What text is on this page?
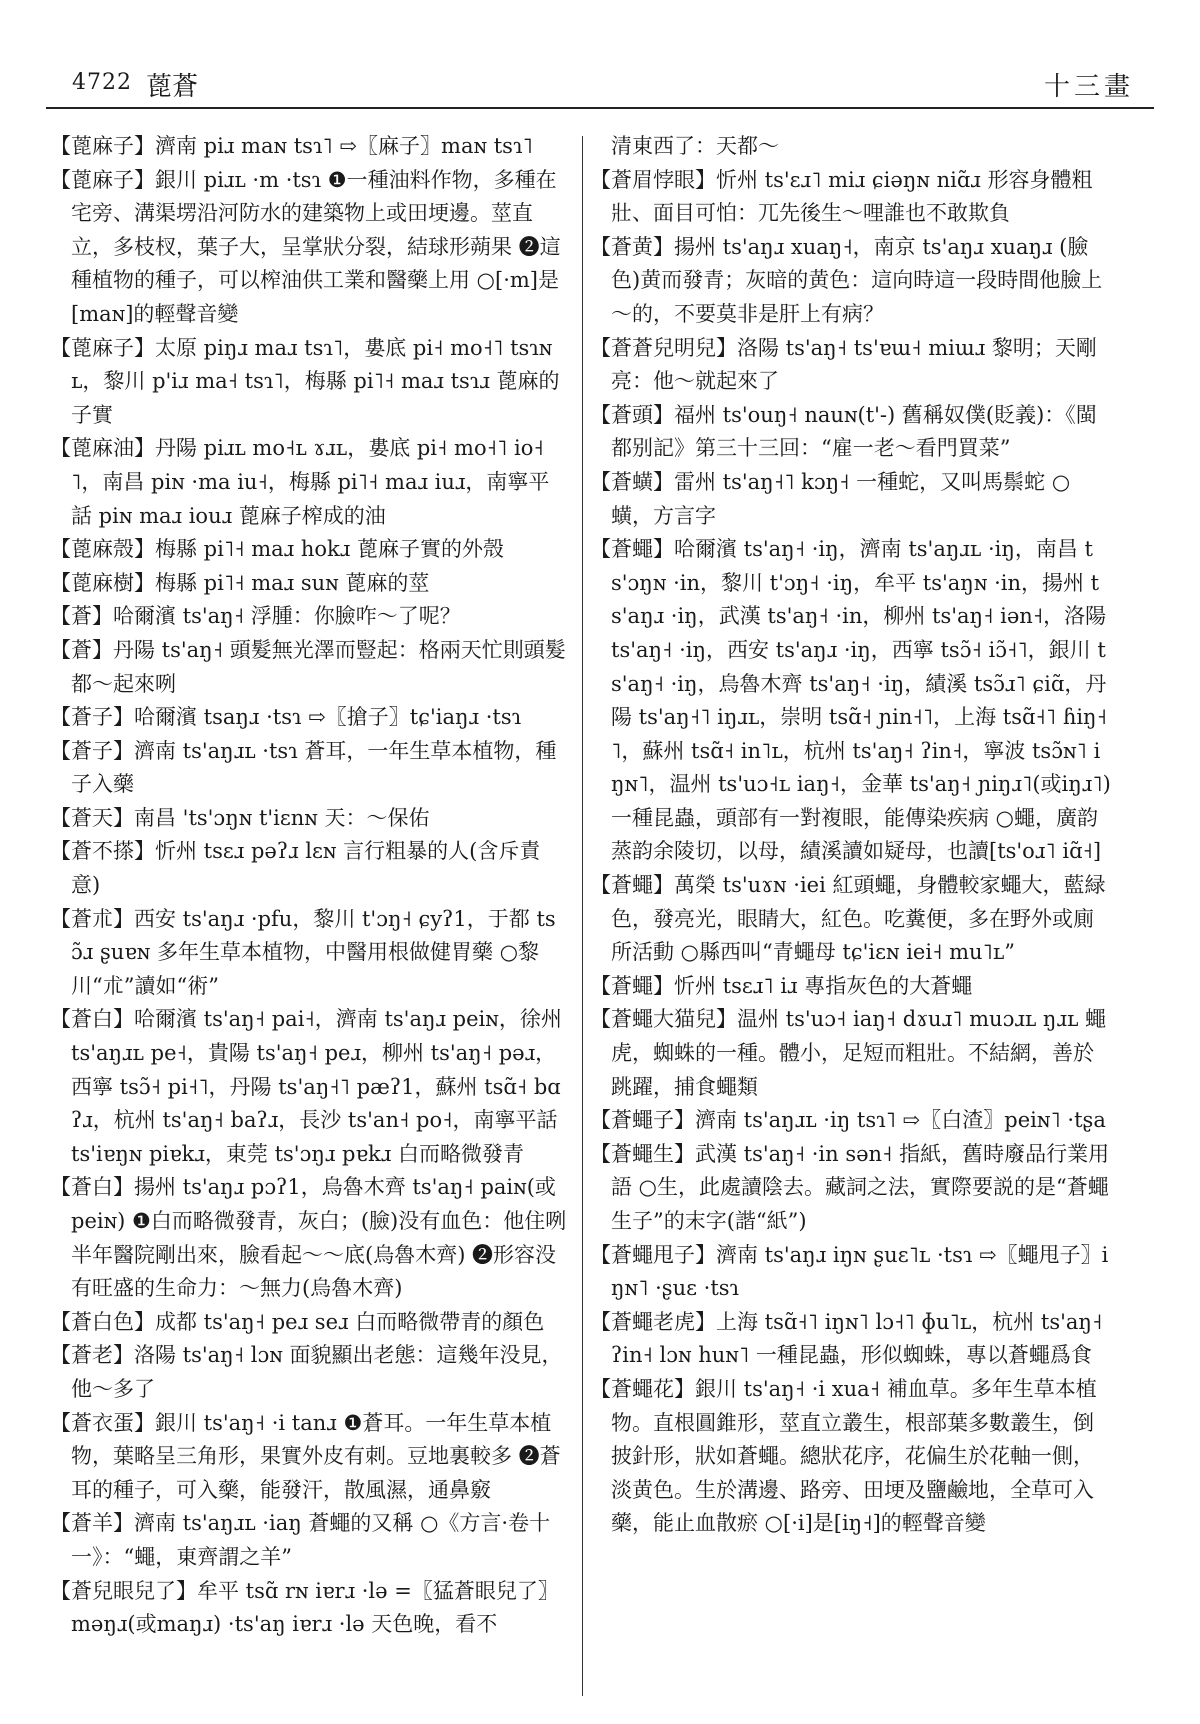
4722 蓖蒼	十三畫

【蓖麻子】濟南 piɹ maɴ tsɿ˥ ⇨〖麻子〗maɴ tsɿ˥

【蓖麻子】銀川 piɹʟ ·m ·tsɿ ❶一種油料作物，多種在宅旁、溝渠塄沿河防水的建築物上或田埂邊。莖直立，多枝杈，葉子大，呈掌狀分裂，結球形蒴果 ❷這種植物的種子，可以榨油供工業和醫藥上用 ○[·m]是[maɴ]的輕聲音變

【蓖麻子】太原 piŋɹ maɹ tsɿ˥，婁底 pi˧ mo˧˥ tsɿɴʟ，黎川 p'iɹ ma˧ tsɿ˥，梅縣 pi˥˧ maɹ tsɿɹ 蓖麻的子實

【蓖麻油】丹陽 piɹʟ mo˧ʟ ɤɹʟ，婁底 pi˧ mo˧˥ io˧˥，南昌 piɴ ·ma iu˧，梅縣 pi˥˧ maɹ iuɹ，南寧平話 piɴ maɹ iouɹ 蓖麻子榨成的油

【蓖麻殼】梅縣 pi˥˧ maɹ hokɹ 蓖麻子實的外殼

【蓖麻樹】梅縣 pi˥˧ maɹ suɴ 蓖麻的莖

【蒼】哈爾濱 ts'aŋ˧ 浮腫：你臉咋～了呢？

【蒼】丹陽 ts'aŋ˧ 頭髮無光澤而豎起：格兩天忙則頭髮都～起來咧

【蒼子】哈爾濱 tsaŋɹ ·tsɿ ⇨〖搶子〗tɕ'iaŋɹ ·tsɿ

【蒼子】濟南 ts'aŋɹʟ ·tsɿ 蒼耳，一年生草本植物，種子入藥

【蒼天】南昌 'ts'ɔŋɴ t'iɛnɴ 天：～保佑

【蒼不搽】忻州 tsɛɹ pəʔɹ lɛɴ 言行粗暴的人(含斥責意)

【蒼朮】西安 ts'aŋɹ ·pfu，黎川 t'ɔŋ˧ ɕyʔ1，于都 tsɔ̃ɹ ʂuɐɴ 多年生草本植物，中醫用根做健胃藥 ○黎川“朮”讀如“術”

【蒼白】哈爾濱 ts'aŋ˧ pai˧，濟南 ts'aŋɹ peiɴ，徐州 ts'aŋɹʟ pe˧，貴陽 ts'aŋ˧ peɹ，柳州 ts'aŋ˧ pəɹ，西寧 tsɔ̃˧ pi˧˥，丹陽 ts'aŋ˧˥ pæʔ1，蘇州 tsɑ̃˧ bɑʔɹ，杭州 ts'aŋ˧ baʔɹ，長沙 ts'an˧ po˧，南寧平話 ts'iɐŋɴ piɐkɹ，東莞 ts'ɔŋɹ pɐkɹ 白而略微發青

【蒼白】揚州 ts'aŋɹ pɔʔ1，烏魯木齊 ts'aŋ˧ paiɴ(或peiɴ) ❶白而略微發青，灰白；(臉)没有血色：他住咧半年醫院剛出來，臉看起～～底(烏魯木齊) ❷形容没有旺盛的生命力：～無力(烏魯木齊)

【蒼白色】成都 ts'aŋ˧ peɹ seɹ 白而略微帶青的顏色

【蒼老】洛陽 ts'aŋ˧ lɔɴ 面貌顯出老態：這幾年没見，他～多了

【蒼衣蛋】銀川 ts'aŋ˧ ·i tanɹ ❶蒼耳。一年生草本植物，葉略呈三角形，果實外皮有刺。豆地裏較多 ❷蒼耳的種子，可入藥，能發汗，散風濕，通鼻竅

【蒼羊】濟南 ts'aŋɹʟ ·iaŋ 蒼蠅的又稱 ○《方言·卷十一》：“蠅，東齊謂之羊”

【蒼兒眼兒了】牟平 tsɑ̃ rɴ iɐrɹ ·lə =〖猛蒼眼兒了〗məŋɹ(或maŋɹ) ·ts'aŋ iɐrɹ ·lə 天色晚，看不

清東西了：天都～

【蒼眉悖眼】忻州 ts'ɛɹ˥ miɹ ɕiəŋɴ niɑ̃ɹ 形容身體粗壯、面目可怕：兀先後生～哩誰也不敢欺負

【蒼黄】揚州 ts'aŋɹ xuaŋ˧，南京 ts'aŋɹ xuaŋɹ (臉色)黄而發青；灰暗的黄色：這向時這一段時間他臉上～的，不要莫非是肝上有病？

【蒼蒼兒明兒】洛陽 ts'aŋ˧ ts'ɐɯ˧ miɯɹ 黎明；天剛亮：他～就起來了

【蒼頭】福州 ts'ouŋ˧ nauɴ(t'-) 舊稱奴僕(貶義)：《閩都别記》第三十三回：“雇一老～看門買菜”

【蒼蟥】雷州 ts'aŋ˧˥ kɔŋ˧ 一種蛇，又叫馬鬃蛇 ○蟥，方言字

【蒼蠅】哈爾濱 ts'aŋ˧ ·iŋ，濟南 ts'aŋɹʟ ·iŋ，南昌 ts'ɔŋɴ ·in，黎川 t'ɔŋ˧ ·iŋ，牟平 ts'aŋɴ ·in，揚州 ts'aŋɹ ·iŋ，武漢 ts'aŋ˧ ·in，柳州 ts'aŋ˧ iən˧，洛陽 ts'aŋ˧ ·iŋ，西安 ts'aŋɹ ·iŋ，西寧 tsɔ̃˧ iɔ̃˧˥，銀川 ts'aŋ˧ ·iŋ，烏魯木齊 ts'aŋ˧ ·iŋ，績溪 tsɔ̃ɹ˥ ɕiɑ̃，丹陽 ts'aŋ˧˥ iŋɹʟ，崇明 tsɑ̃˧ ɲin˧˥，上海 tsɑ̃˧˥ ɦiŋ˧˥，蘇州 tsɑ̃˧ in˥ʟ，杭州 ts'aŋ˧ ʔin˧，寧波 tsɔ̃ɴ˥ iŋɴ˥，温州 ts'uɔ˧ʟ iaŋ˧，金華 ts'aŋ˧ ɲiŋɹ˥(或iŋɹ˥) 一種昆蟲，頭部有一對複眼，能傳染疾病 ○蠅，廣韵蒸韵余陵切，以母，績溪讀如疑母，也讀[ts'oɹ˥ iɑ̃˧]

【蒼蠅】萬榮 ts'uɤɴ ·iei 紅頭蠅，身體較家蠅大，藍緑色，發亮光，眼睛大，紅色。吃糞便，多在野外或廁所活動 ○縣西叫“青蠅母 tɕ'iɛɴ iei˧ mu˥ʟ”

【蒼蠅】忻州 tsɛɹ˥ iɹ 專指灰色的大蒼蠅

【蒼蠅大猫兒】温州 ts'uɔ˧ iaŋ˧ dɤuɹ˥ muɔɹʟ ŋɹʟ 蠅虎，蜘蛛的一種。體小，足短而粗壯。不結網，善於跳躍，捕食蠅類

【蒼蠅子】濟南 ts'aŋɹʟ ·iŋ tsɿ˥ ⇨〖白渣〗peiɴ˥ ·tʂa

【蒼蠅生】武漢 ts'aŋ˧ ·in sən˧ 指紙，舊時廢品行業用語 ○生，此處讀陰去。藏詞之法，實際要説的是“蒼蠅生子”的末字(諧“紙”)

【蒼蠅甩子】濟南 ts'aŋɹ iŋɴ ʂuɛ˥ʟ ·tsɿ ⇨〖蠅甩子〗iŋɴ˥ ·ʂuɛ ·tsɿ

【蒼蠅老虎】上海 tsɑ̃˧˥ iŋɴ˥ lɔ˧˥ ɸu˥ʟ，杭州 ts'aŋ˧ ʔin˧ lɔɴ huɴ˥ 一種昆蟲，形似蜘蛛，專以蒼蠅爲食

【蒼蠅花】銀川 ts'aŋ˧ ·i xua˧ 補血草。多年生草本植物。直根圓錐形，莖直立叢生，根部葉多數叢生，倒披針形，狀如蒼蠅。總狀花序，花偏生於花軸一側，淡黄色。生於溝邊、路旁、田埂及鹽鹼地，全草可入藥，能止血散瘀 ○[·i]是[iŋ˧]的輕聲音變
